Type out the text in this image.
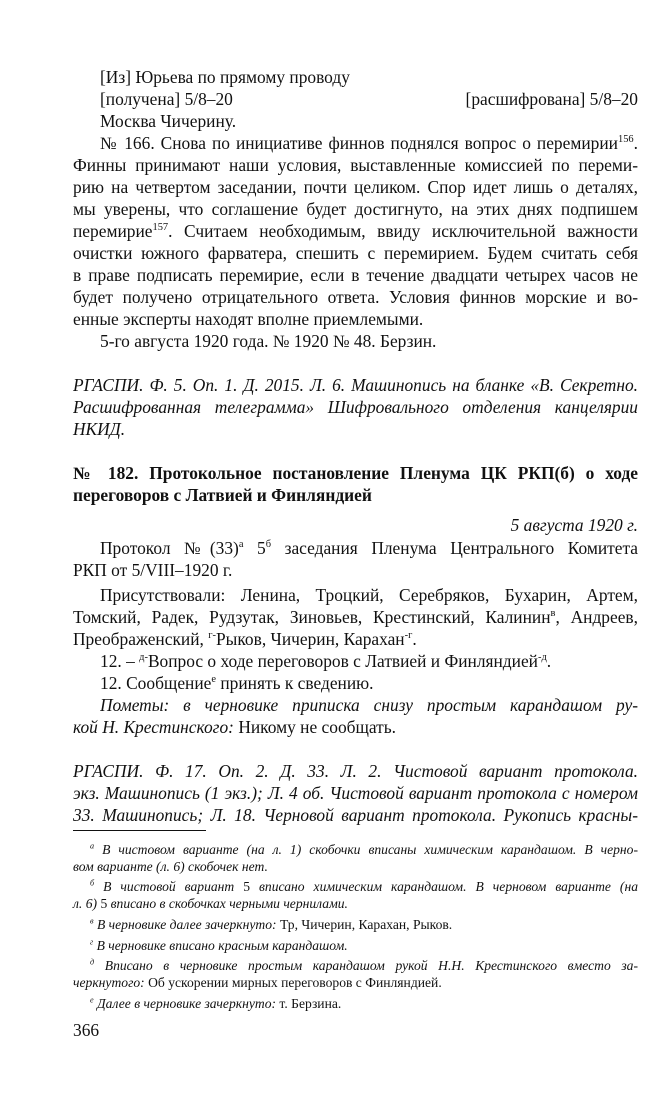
[Из] Юрьева по прямому проводу
[получена] 5/8–20	[расшифрована] 5/8–20
Москва Чичерину.
№ 166. Снова по инициативе финнов поднялся вопрос о перемирии$^{156}$.
Финны принимают наши условия, выставленные комиссией по переми-
рию на четвертом заседании, почти целиком. Спор идет лишь о деталях,
мы уверены, что соглашение будет достигнуто, на этих днях подпишем
перемирие$^{157}$. Считаем необходимым, ввиду исключительной важности
очистки южного фарватера, спешить с перемирием. Будем считать себя
в праве подписать перемирие, если в течение двадцати четырех часов не
будет получено отрицательного ответа. Условия финнов морские и во-
енные эксперты находят вполне приемлемыми.
5-го августа 1920 года. № 1920 № 48. Берзин.
РГАСПИ. Ф. 5. Оп. 1. Д. 2015. Л. 6. Машинопись на бланке «В. Секретно.
Расшифрованная телеграмма» Шифровального отделения канцелярии
НКИД.
№ 182. Протокольное постановление Пленума ЦК РКП(б) о ходе
переговоров с Латвией и Финляндией
5 августа 1920 г.
Протокол $№(33)^а$ $5^б$ заседания Пленума Центрального Комитета
РКП от 5/VIII–1920 г.
Присутствовали: Ленина, Троцкий, Серебряков, Бухарин, Артем,
Томский, Радек, Рудзутак, Зиновьев, Крестинский, Калинин$^в$, Андреев,
Преображенский, $^{г-}$Рыков, Чичерин, Карахан$^{-г}$.
12. – $^{д-}$Вопрос о ходе переговоров с Латвией и Финляндией$^{-д}$.
12. Сообщение$^е$ принять к сведению.
Пометы: в черновике приписка снизу простым карандашом ру-
кой Н. Крестинского: Никому не сообщать.
РГАСПИ. Ф. 17. Оп. 2. Д. 33. Л. 2. Чистовой вариант протокола.
экз. Машинопись (1 экз.); Л. 4 об. Чистовой вариант протокола с номером
33. Машинопись; Л. 18. Черновой вариант протокола. Рукопись красны-
$^а$ В чистовом варианте (на л. 1) скобочки вписаны химическим карандашом. В черно-
вом варианте (л. 6) скобочек нет.
$^б$ В чистовой вариант 5 вписано химическим карандашом. В черновом варианте (на
л. 6) 5 вписано в скобочках черными чернилами.
$^в$ В черновике далее зачеркнуто: Тр, Чичерин, Карахан, Рыков.
$^г$ В черновике вписано красным карандашом.
$^д$ Вписано в черновике простым карандашом рукой Н.Н. Крестинского вместо за-
черкнутого: Об ускорении мирных переговоров с Финляндией.
$^е$ Далее в черновике зачеркнуто: т. Берзина.
366
